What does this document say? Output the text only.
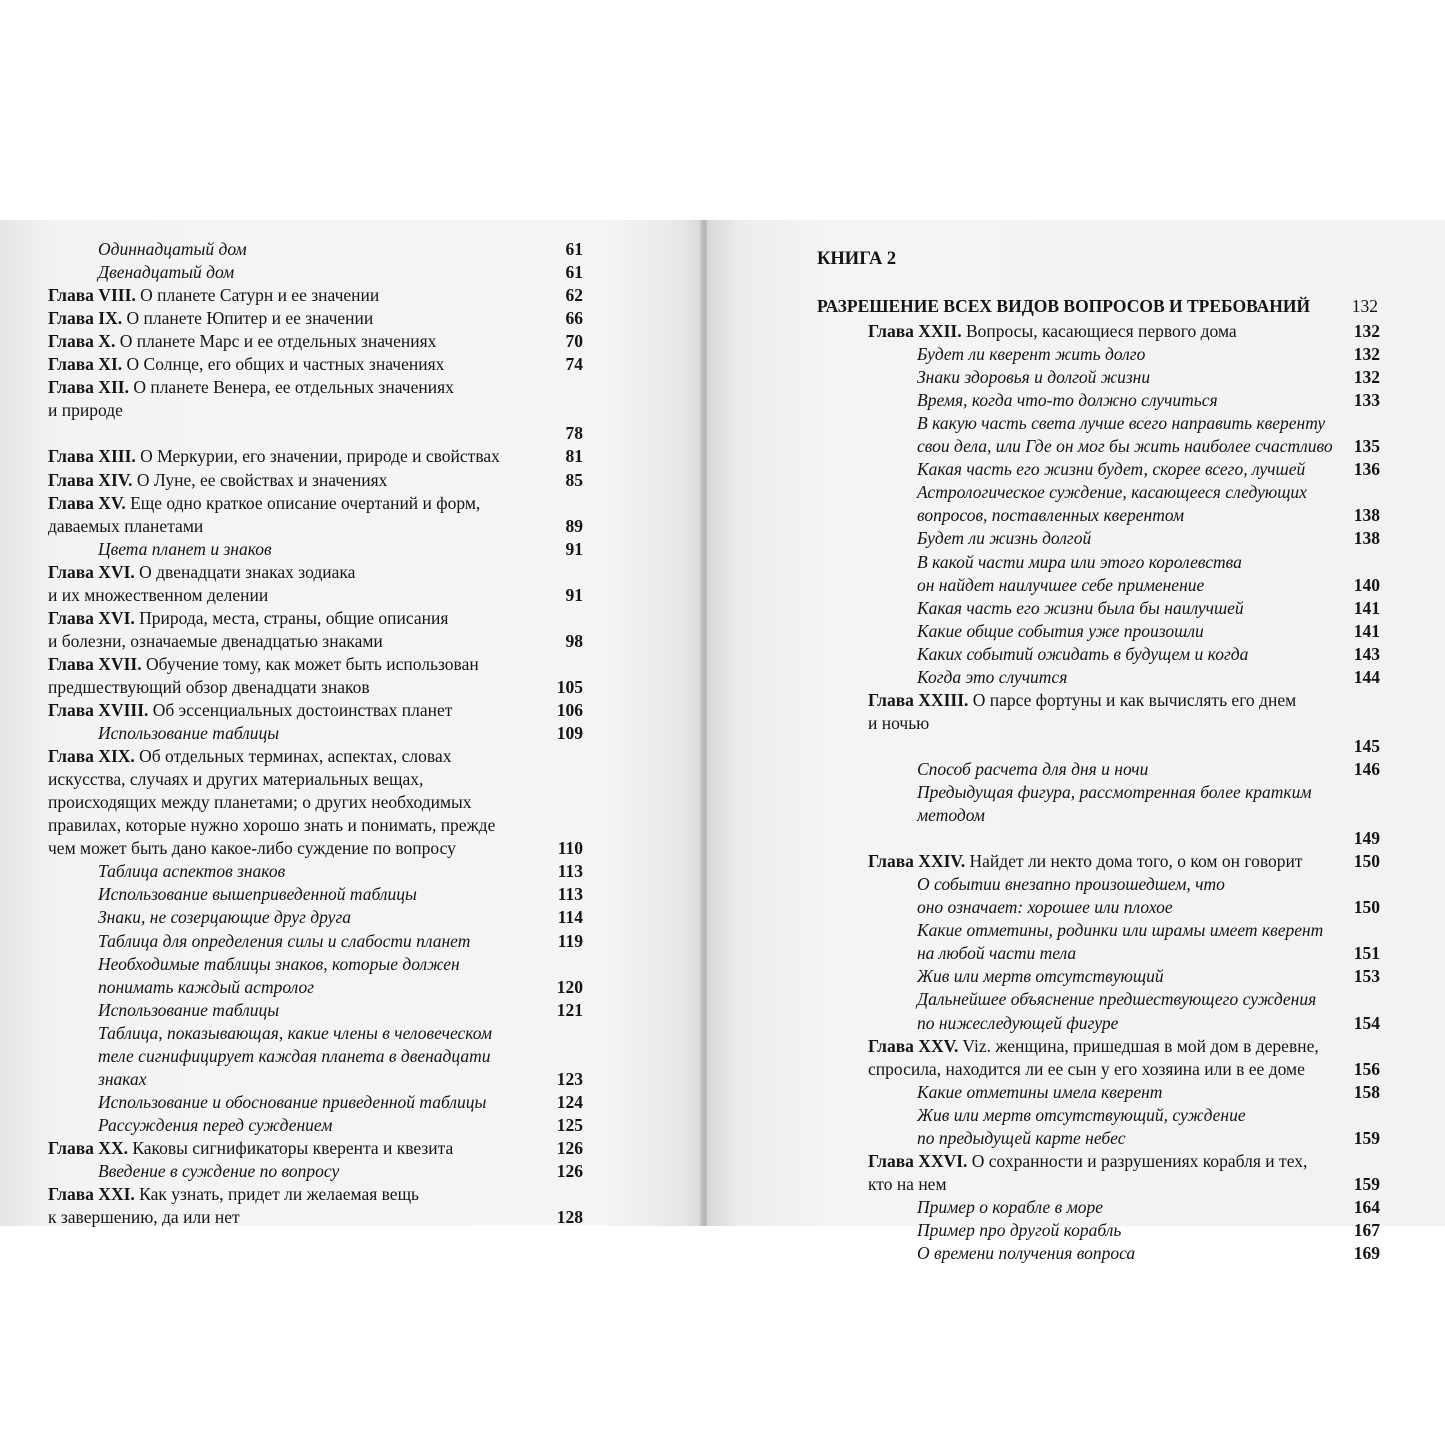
Одиннадцатый дом	61
Двенадцатый дом	61
Глава VIII. О планете Сатурн и ее значении	62
Глава IX. О планете Юпитер и ее значении	66
Глава X. О планете Марс и ее отдельных значениях	70
Глава XI. О Солнце, его общих и частных значениях	74
Глава XII. О планете Венера, ее отдельных значениях
и природе
78
Глава XIII. О Меркурии, его значении, природе и свойствах	81
Глава XIV. О Луне, ее свойствах и значениях	85
Глава XV. Еще одно краткое описание очертаний и форм,
даваемых планетами	89
Цвета планет и знаков	91
Глава XVI. О двенадцати знаках зодиака
и их множественном делении	91
Глава XVI. Природа, места, страны, общие описания
и болезни, означаемые двенадцатью знаками	98
Глава XVII. Обучение тому, как может быть использован
предшествующий обзор двенадцати знаков	105
Глава XVIII. Об эссенциальных достоинствах планет	106
Использование таблицы	109
Глава XIX. Об отдельных терминах, аспектах, словах
искусства, случаях и других материальных вещах,
происходящих между планетами; о других необходимых
правилах, которые нужно хорошо знать и понимать, прежде
чем может быть дано какое-либо суждение по вопросу	110
Таблица аспектов знаков	113
Использование вышеприведенной таблицы	113
Знаки, не созерцающие друг друга	114
Таблица для определения силы и слабости планет	119
Необходимые таблицы знаков, которые должен
понимать каждый астролог	120
Использование таблицы	121
Таблица, показывающая, какие члены в человеческом
теле сигнифицирует каждая планета в двенадцати
знаках	123
Использование и обоснование приведенной таблицы	124
Рассуждения перед суждением	125
Глава XX. Каковы сигнификаторы кверента и квезита	126
Введение в суждение по вопросу	126
Глава XXI. Как узнать, придет ли желаемая вещь
к завершению, да или нет	128
КНИГА 2
РАЗРЕШЕНИЕ ВСЕХ ВИДОВ ВОПРОСОВ И ТРЕБОВАНИЙ	132
Глава XXII. Вопросы, касающиеся первого дома	132
Будет ли кверент жить долго	132
Знаки здоровья и долгой жизни	132
Время, когда что-то должно случиться	133
В какую часть света лучше всего направить кверенту
свои дела, или Где он мог бы жить наиболее счастливо	135
Какая часть его жизни будет, скорее всего, лучшей	136
Астрологическое суждение, касающееся следующих
вопросов, поставленных кверентом	138
Будет ли жизнь долгой	138
В какой части мира или этого королевства
он найдет наилучшее себе применение	140
Какая часть его жизни была бы наилучшей	141
Какие общие события уже произошли	141
Каких событий ожидать в будущем и когда	143
Когда это случится	144
Глава XXIII. О парсе фортуны и как вычислять его днем
и ночью
145
Способ расчета для дня и ночи	146
Предыдущая фигура, рассмотренная более кратким
методом
149
Глава XXIV. Найдет ли некто дома того, о ком он говорит	150
О событии внезапно произошедшем, что
оно означает: хорошее или плохое	150
Какие отметины, родинки или шрамы имеет кверент
на любой части тела	151
Жив или мертв отсутствующий	153
Дальнейшее объяснение предшествующего суждения
по нижеследующей фигуре	154
Глава XXV. Viz. женщина, пришедшая в мой дом в деревне,
спросила, находится ли ее сын у его хозяина или в ее доме	156
Какие отметины имела кверент	158
Жив или мертв отсутствующий, суждение
по предыдущей карте небес	159
Глава XXVI. О сохранности и разрушениях корабля и тех,
кто на нем	159
Пример о корабле в море	164
Пример про другой корабль	167
О времени получения вопроса	169
